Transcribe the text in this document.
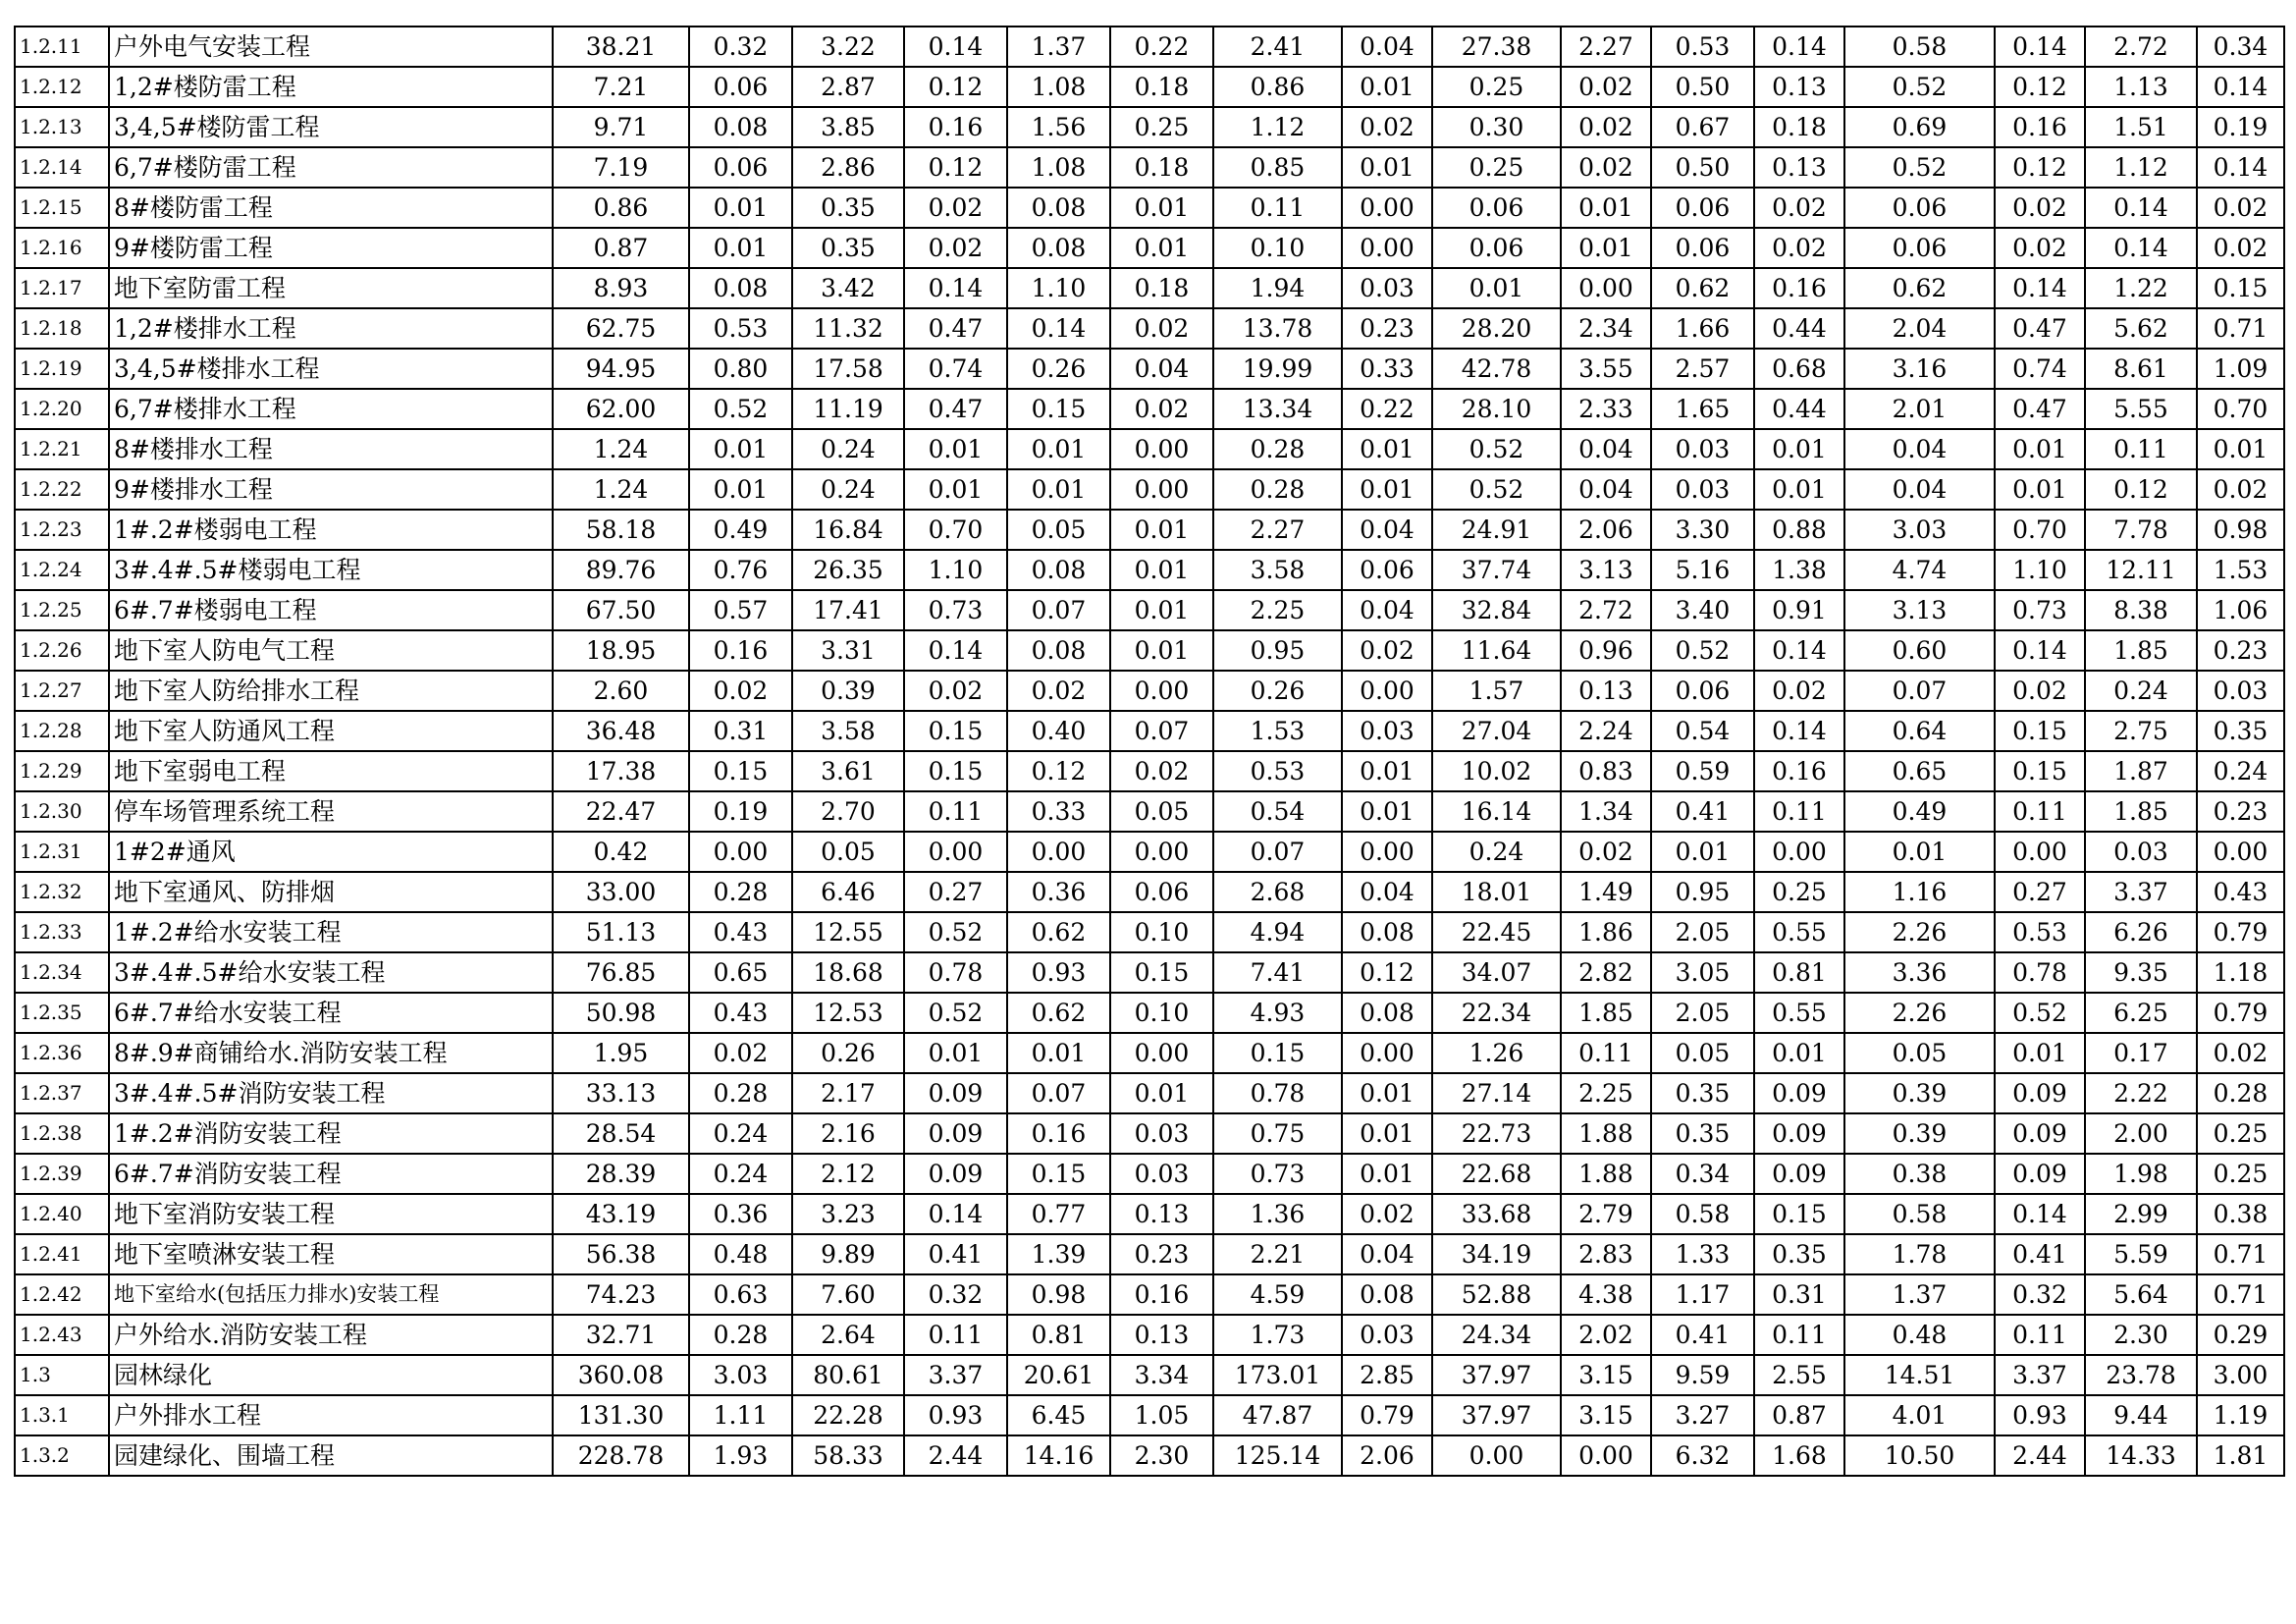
1.2.11	户外电气安装工程	38.21	0.32	3.22	0.14	1.37	0.22	2.41	0.04	27.38	2.27	0.53	0.14	0.58	0.14	2.72	0.34
1.2.12	1,2#楼防雷工程	7.21	0.06	2.87	0.12	1.08	0.18	0.86	0.01	0.25	0.02	0.50	0.13	0.52	0.12	1.13	0.14
1.2.13	3,4,5#楼防雷工程	9.71	0.08	3.85	0.16	1.56	0.25	1.12	0.02	0.30	0.02	0.67	0.18	0.69	0.16	1.51	0.19
1.2.14	6,7#楼防雷工程	7.19	0.06	2.86	0.12	1.08	0.18	0.85	0.01	0.25	0.02	0.50	0.13	0.52	0.12	1.12	0.14
1.2.15	8#楼防雷工程	0.86	0.01	0.35	0.02	0.08	0.01	0.11	0.00	0.06	0.01	0.06	0.02	0.06	0.02	0.14	0.02
1.2.16	9#楼防雷工程	0.87	0.01	0.35	0.02	0.08	0.01	0.10	0.00	0.06	0.01	0.06	0.02	0.06	0.02	0.14	0.02
1.2.17	地下室防雷工程	8.93	0.08	3.42	0.14	1.10	0.18	1.94	0.03	0.01	0.00	0.62	0.16	0.62	0.14	1.22	0.15
1.2.18	1,2#楼排水工程	62.75	0.53	11.32	0.47	0.14	0.02	13.78	0.23	28.20	2.34	1.66	0.44	2.04	0.47	5.62	0.71
1.2.19	3,4,5#楼排水工程	94.95	0.80	17.58	0.74	0.26	0.04	19.99	0.33	42.78	3.55	2.57	0.68	3.16	0.74	8.61	1.09
1.2.20	6,7#楼排水工程	62.00	0.52	11.19	0.47	0.15	0.02	13.34	0.22	28.10	2.33	1.65	0.44	2.01	0.47	5.55	0.70
1.2.21	8#楼排水工程	1.24	0.01	0.24	0.01	0.01	0.00	0.28	0.01	0.52	0.04	0.03	0.01	0.04	0.01	0.11	0.01
1.2.22	9#楼排水工程	1.24	0.01	0.24	0.01	0.01	0.00	0.28	0.01	0.52	0.04	0.03	0.01	0.04	0.01	0.12	0.02
1.2.23	1#.2#楼弱电工程	58.18	0.49	16.84	0.70	0.05	0.01	2.27	0.04	24.91	2.06	3.30	0.88	3.03	0.70	7.78	0.98
1.2.24	3#.4#.5#楼弱电工程	89.76	0.76	26.35	1.10	0.08	0.01	3.58	0.06	37.74	3.13	5.16	1.38	4.74	1.10	12.11	1.53
1.2.25	6#.7#楼弱电工程	67.50	0.57	17.41	0.73	0.07	0.01	2.25	0.04	32.84	2.72	3.40	0.91	3.13	0.73	8.38	1.06
1.2.26	地下室人防电气工程	18.95	0.16	3.31	0.14	0.08	0.01	0.95	0.02	11.64	0.96	0.52	0.14	0.60	0.14	1.85	0.23
1.2.27	地下室人防给排水工程	2.60	0.02	0.39	0.02	0.02	0.00	0.26	0.00	1.57	0.13	0.06	0.02	0.07	0.02	0.24	0.03
1.2.28	地下室人防通风工程	36.48	0.31	3.58	0.15	0.40	0.07	1.53	0.03	27.04	2.24	0.54	0.14	0.64	0.15	2.75	0.35
1.2.29	地下室弱电工程	17.38	0.15	3.61	0.15	0.12	0.02	0.53	0.01	10.02	0.83	0.59	0.16	0.65	0.15	1.87	0.24
1.2.30	停车场管理系统工程	22.47	0.19	2.70	0.11	0.33	0.05	0.54	0.01	16.14	1.34	0.41	0.11	0.49	0.11	1.85	0.23
1.2.31	1#2#通风	0.42	0.00	0.05	0.00	0.00	0.00	0.07	0.00	0.24	0.02	0.01	0.00	0.01	0.00	0.03	0.00
1.2.32	地下室通风、防排烟	33.00	0.28	6.46	0.27	0.36	0.06	2.68	0.04	18.01	1.49	0.95	0.25	1.16	0.27	3.37	0.43
1.2.33	1#.2#给水安装工程	51.13	0.43	12.55	0.52	0.62	0.10	4.94	0.08	22.45	1.86	2.05	0.55	2.26	0.53	6.26	0.79
1.2.34	3#.4#.5#给水安装工程	76.85	0.65	18.68	0.78	0.93	0.15	7.41	0.12	34.07	2.82	3.05	0.81	3.36	0.78	9.35	1.18
1.2.35	6#.7#给水安装工程	50.98	0.43	12.53	0.52	0.62	0.10	4.93	0.08	22.34	1.85	2.05	0.55	2.26	0.52	6.25	0.79
1.2.36	8#.9#商铺给水.消防安装工程	1.95	0.02	0.26	0.01	0.01	0.00	0.15	0.00	1.26	0.11	0.05	0.01	0.05	0.01	0.17	0.02
1.2.37	3#.4#.5#消防安装工程	33.13	0.28	2.17	0.09	0.07	0.01	0.78	0.01	27.14	2.25	0.35	0.09	0.39	0.09	2.22	0.28
1.2.38	1#.2#消防安装工程	28.54	0.24	2.16	0.09	0.16	0.03	0.75	0.01	22.73	1.88	0.35	0.09	0.39	0.09	2.00	0.25
1.2.39	6#.7#消防安装工程	28.39	0.24	2.12	0.09	0.15	0.03	0.73	0.01	22.68	1.88	0.34	0.09	0.38	0.09	1.98	0.25
1.2.40	地下室消防安装工程	43.19	0.36	3.23	0.14	0.77	0.13	1.36	0.02	33.68	2.79	0.58	0.15	0.58	0.14	2.99	0.38
1.2.41	地下室喷淋安装工程	56.38	0.48	9.89	0.41	1.39	0.23	2.21	0.04	34.19	2.83	1.33	0.35	1.78	0.41	5.59	0.71
1.2.42	地下室给水(包括压力排水)安装工程	74.23	0.63	7.60	0.32	0.98	0.16	4.59	0.08	52.88	4.38	1.17	0.31	1.37	0.32	5.64	0.71
1.2.43	户外给水.消防安装工程	32.71	0.28	2.64	0.11	0.81	0.13	1.73	0.03	24.34	2.02	0.41	0.11	0.48	0.11	2.30	0.29
1.3	园林绿化	360.08	3.03	80.61	3.37	20.61	3.34	173.01	2.85	37.97	3.15	9.59	2.55	14.51	3.37	23.78	3.00
1.3.1	户外排水工程	131.30	1.11	22.28	0.93	6.45	1.05	47.87	0.79	37.97	3.15	3.27	0.87	4.01	0.93	9.44	1.19
1.3.2	园建绿化、围墙工程	228.78	1.93	58.33	2.44	14.16	2.30	125.14	2.06	0.00	0.00	6.32	1.68	10.50	2.44	14.33	1.81
